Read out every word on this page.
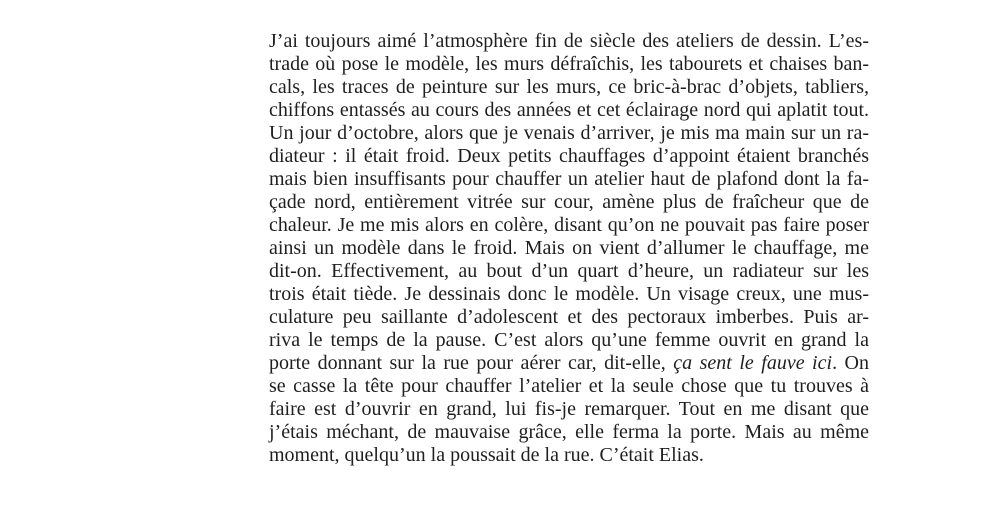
J’ai toujours aimé l’atmosphère fin de siècle des ateliers de dessin. L’es-
trade où pose le modèle, les murs défraîchis, les tabourets et chaises ban-
cals, les traces de peinture sur les murs, ce bric-à-brac d’objets, tabliers,
chiffons entassés au cours des années et cet éclairage nord qui aplatit tout.
Un jour d’octobre, alors que je venais d’arriver, je mis ma main sur un ra-
diateur : il était froid. Deux petits chauffages d’appoint étaient branchés
mais bien insuffisants pour chauffer un atelier haut de plafond dont la fa-
çade nord, entièrement vitrée sur cour, amène plus de fraîcheur que de
chaleur. Je me mis alors en colère, disant qu’on ne pouvait pas faire poser
ainsi un modèle dans le froid. Mais on vient d’allumer le chauffage, me
dit-on. Effectivement, au bout d’un quart d’heure, un radiateur sur les
trois était tiède. Je dessinais donc le modèle. Un visage creux, une mus-
culature peu saillante d’adolescent et des pectoraux imberbes. Puis ar-
riva le temps de la pause. C’est alors qu’une femme ouvrit en grand la
porte donnant sur la rue pour aérer car, dit-elle, ça sent le fauve ici. On
se casse la tête pour chauffer l’atelier et la seule chose que tu trouves à
faire est d’ouvrir en grand, lui fis-je remarquer. Tout en me disant que
j’étais méchant, de mauvaise grâce, elle ferma la porte. Mais au même
moment, quelqu’un la poussait de la rue. C’était Elias.
